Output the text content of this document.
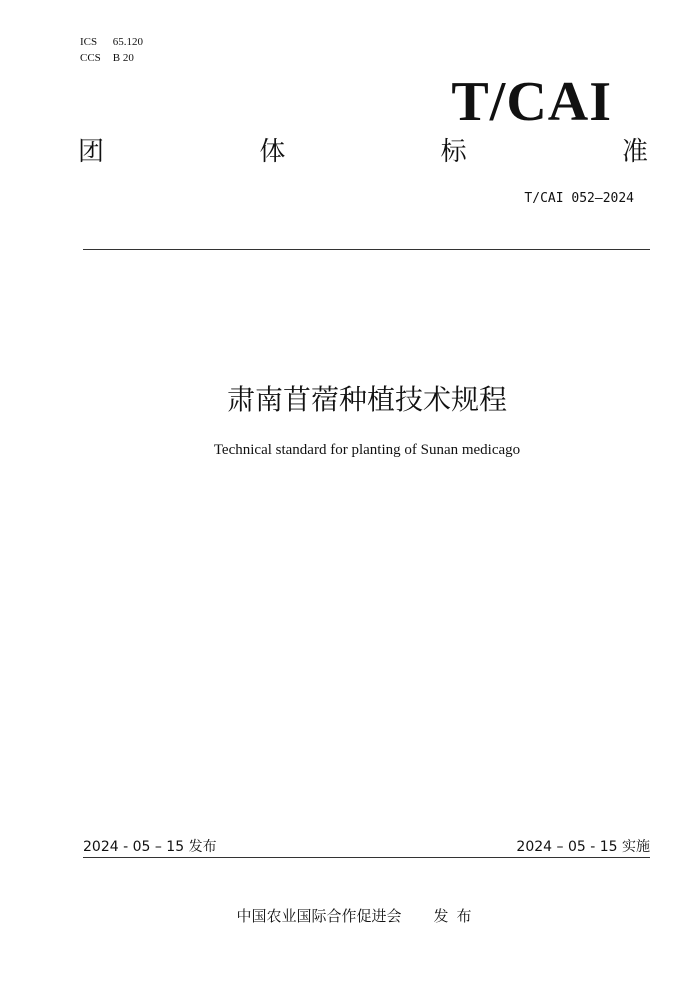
ICS 65.120
CCS B 20
T/CAI
团	体	标	准
T/CAI 052—2024
肃南苜蓿种植技术规程
Technical standard for planting of Sunan medicago
2024 - 05 – 15 发布	2024 – 05 - 15 实施
中国农业国际合作促进会 发布
